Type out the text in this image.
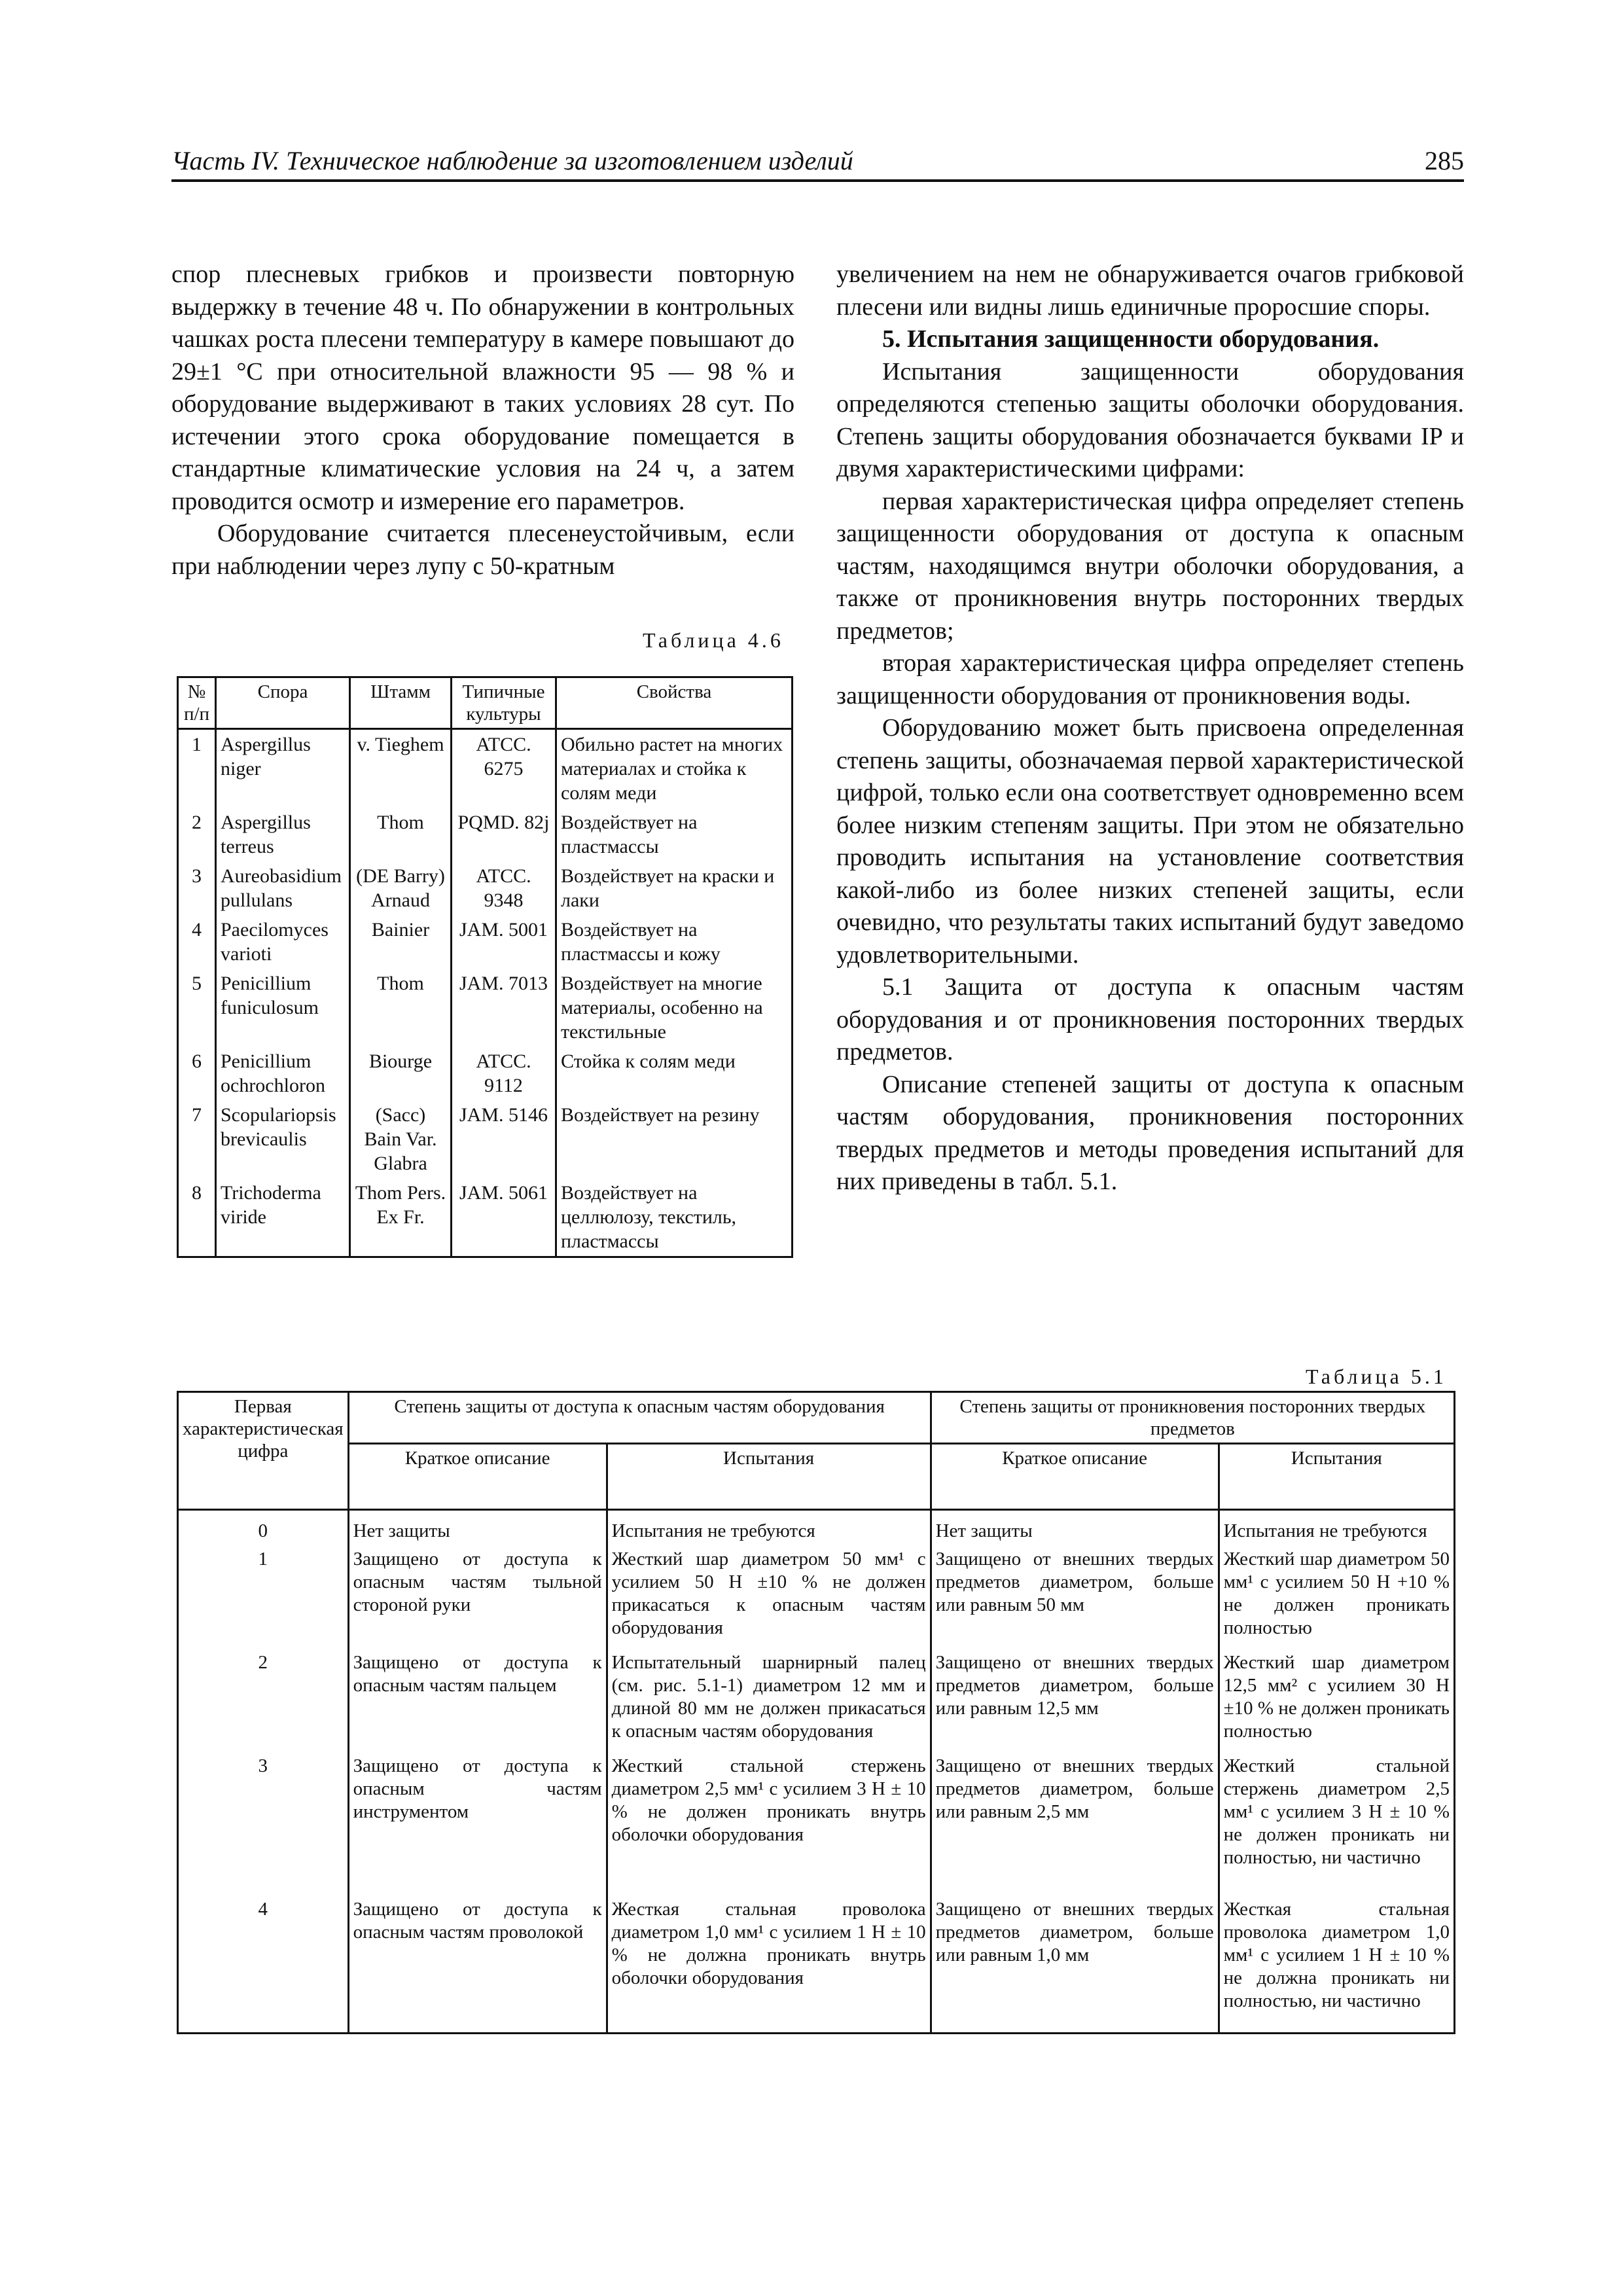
Часть IV. Техническое наблюдение за изготовлением изделий	285

спор плесневых грибков и произвести повторную выдержку в течение 48 ч. По обнаружении в контрольных чашках роста плесени температуру в камере повышают до 29±1 °С при относительной влажности 95 — 98 % и оборудование выдерживают в таких условиях 28 сут. По истечении этого срока оборудование помещается в стандартные климатические условия на 24 ч, а затем проводится осмотр и измерение его параметров.

Оборудование считается плесенеустойчивым, если при наблюдении через лупу с 50-кратным

Таблица 4.6
№ п/п	Спора	Штамм	Типичные культуры	Свойства
1	Aspergillus niger	v. Tieghem	ATCC. 6275	Обильно растет на многих материалах и стойка к солям меди
2	Aspergillus terreus	Thom	PQMD. 82j	Воздействует на пластмассы
3	Aureobasidium pullulans	(DE Barry) Arnaud	ATCC. 9348	Воздействует на краски и лаки
4	Paecilomyces varioti	Bainier	JAM. 5001	Воздействует на пластмассы и кожу
5	Penicillium funiculosum	Thom	JAM. 7013	Воздействует на многие материалы, особенно на текстильные
6	Penicillium ochrochloron	Biourge	ATCC. 9112	Стойка к солям меди
7	Scopulariopsis brevicaulis	(Sacc) Bain Var. Glabra	JAM. 5146	Воздействует на резину
8	Trichoderma viride	Thom Pers. Ex Fr.	JAM. 5061	Воздействует на целлюлозу, текстиль, пластмассы

увеличением на нем не обнаруживается очагов грибковой плесени или видны лишь единичные проросшие споры.

5. Испытания защищенности оборудования.

Испытания защищенности оборудования определяются степенью защиты оболочки оборудования. Степень защиты оборудования обозначается буквами IP и двумя характеристическими цифрами:

первая характеристическая цифра определяет степень защищенности оборудования от доступа к опасным частям, находящимся внутри оболочки оборудования, а также от проникновения внутрь посторонних твердых предметов;

вторая характеристическая цифра определяет степень защищенности оборудования от проникновения воды.

Оборудованию может быть присвоена определенная степень защиты, обозначаемая первой характеристической цифрой, только если она соответствует одновременно всем более низким степеням защиты. При этом не обязательно проводить испытания на установление соответствия какой-либо из более низких степеней защиты, если очевидно, что результаты таких испытаний будут заведомо удовлетворительными.

5.1 Защита от доступа к опасным частям оборудования и от проникновения посторонних твердых предметов.

Описание степеней защиты от доступа к опасным частям оборудования, проникновения посторонних твердых предметов и методы проведения испытаний для них приведены в табл. 5.1.

Таблица 5.1
Первая характеристическая цифра	Степень защиты от доступа к опасным частям оборудования		Степень защиты от проникновения посторонних твердых предметов	
	Краткое описание	Испытания	Краткое описание	Испытания
0	Нет защиты	Испытания не требуются	Нет защиты	Испытания не требуются
1	Защищено от доступа к опасным частям тыльной стороной руки	Жесткий шар диаметром 50 мм¹ с усилием 50 Н ±10 % не должен прикасаться к опасным частям оборудования	Защищено от внешних твердых предметов диаметром, больше или равным 50 мм	Жесткий шар диаметром 50 мм¹ с усилием 50 Н +10 % не должен проникать полностью
2	Защищено от доступа к опасным частям пальцем	Испытательный шарнирный палец (см. рис. 5.1-1) диаметром 12 мм и длиной 80 мм не должен прикасаться к опасным частям оборудования	Защищено от внешних твердых предметов диаметром, больше или равным 12,5 мм	Жесткий шар диаметром 12,5 мм² с усилием 30 Н ±10 % не должен проникать полностью
3	Защищено от доступа к опасным частям инструментом	Жесткий стальной стержень диаметром 2,5 мм¹ с усилием 3 Н ± 10 % не должен проникать внутрь оболочки оборудования	Защищено от внешних твердых предметов диаметром, больше или равным 2,5 мм	Жесткий стальной стержень диаметром 2,5 мм¹ с усилием 3 Н ± 10 % не должен проникать ни полностью, ни частично
4	Защищено от доступа к опасным частям проволокой	Жесткая стальная проволока диаметром 1,0 мм¹ с усилием 1 Н ± 10 % не должна проникать внутрь оболочки оборудования	Защищено от внешних твердых предметов диаметром, больше или равным 1,0 мм	Жесткая стальная проволока диаметром 1,0 мм¹ с усилием 1 Н ± 10 % не должна проникать ни полностью, ни частично
